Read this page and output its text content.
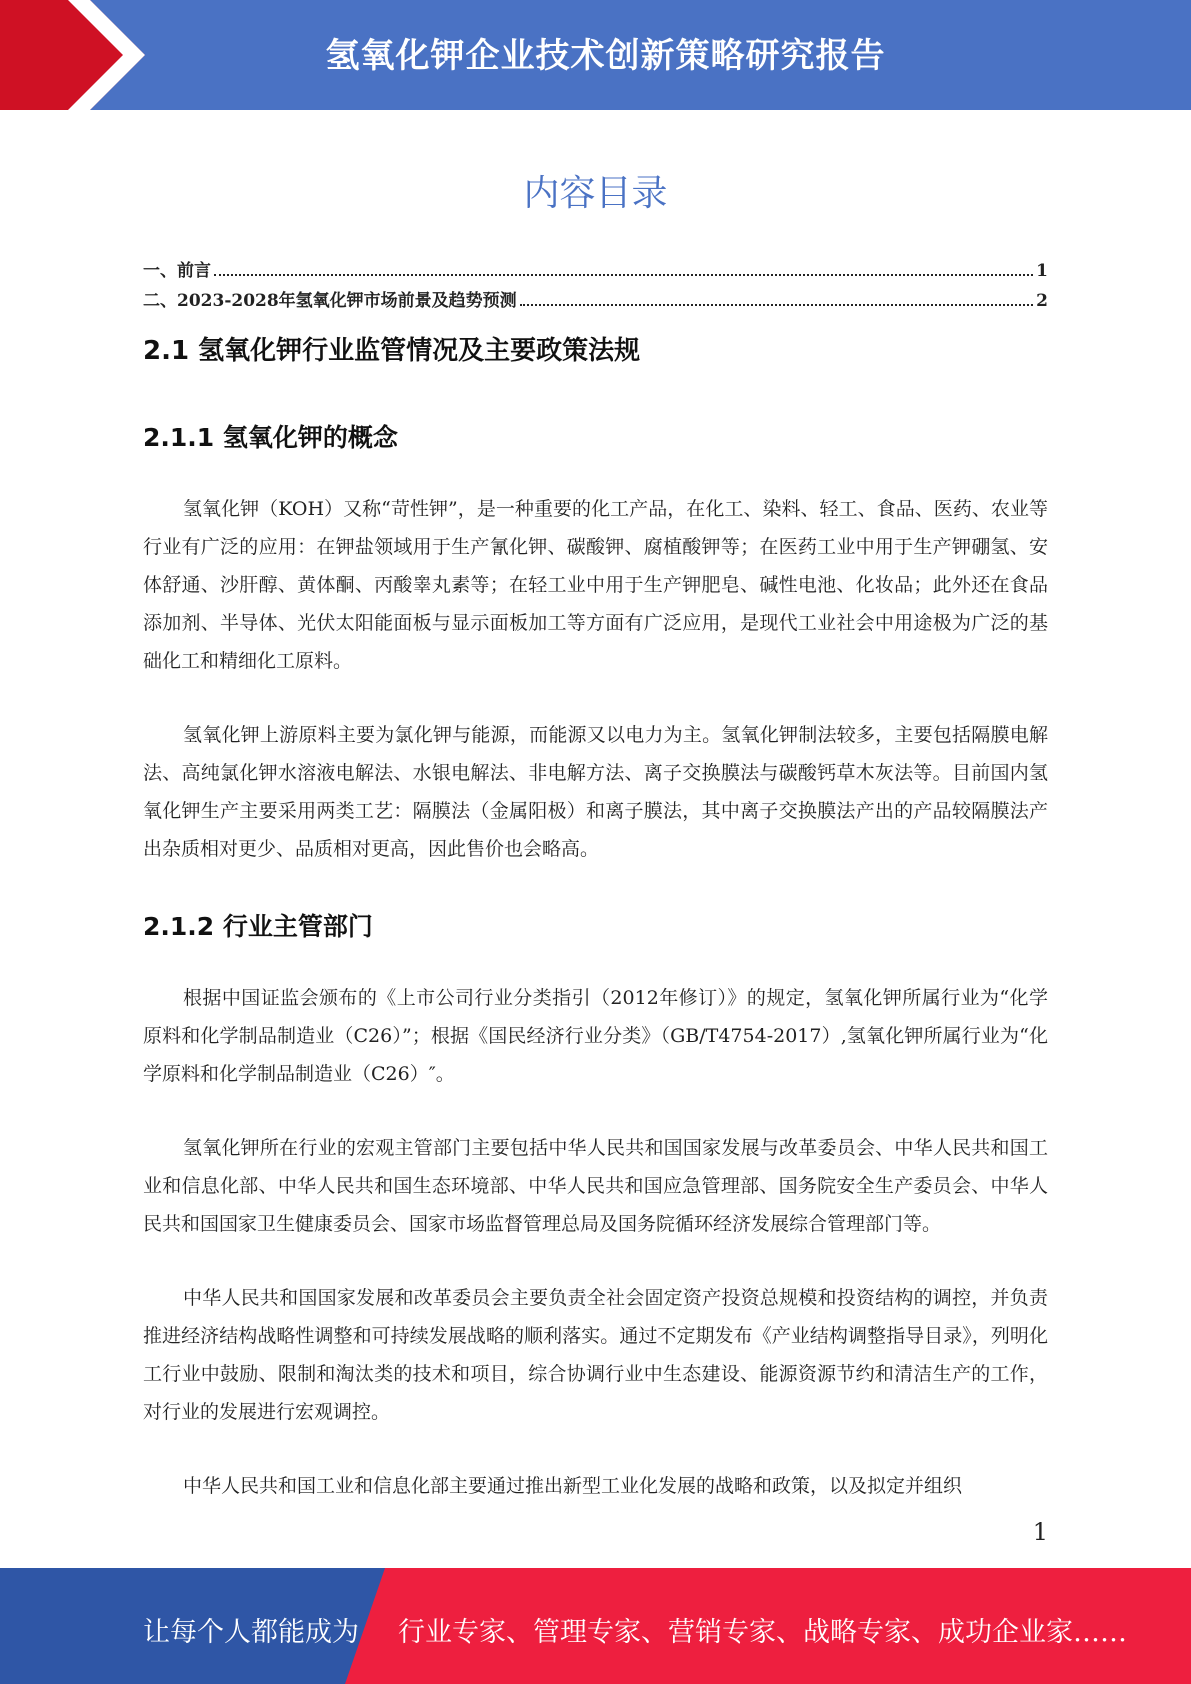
氢氧化钾企业技术创新策略研究报告
内容目录
一、前言	1
二、2023-2028年氢氧化钾市场前景及趋势预测	2
2.1 氢氧化钾行业监管情况及主要政策法规
2.1.1 氢氧化钾的概念

氢氧化钾（KOH）又称“苛性钾”，是一种重要的化工产品，在化工、染料、轻工、食品、医药、农业等行业有广泛的应用：在钾盐领域用于生产氰化钾、碳酸钾、腐植酸钾等；在医药工业中用于生产钾硼氢、安体舒通、沙肝醇、黄体酮、丙酸睾丸素等；在轻工业中用于生产钾肥皂、碱性电池、化妆品；此外还在食品添加剂、半导体、光伏太阳能面板与显示面板加工等方面有广泛应用，是现代工业社会中用途极为广泛的基础化工和精细化工原料。

氢氧化钾上游原料主要为氯化钾与能源，而能源又以电力为主。氢氧化钾制法较多，主要包括隔膜电解法、高纯氯化钾水溶液电解法、水银电解法、非电解方法、离子交换膜法与碳酸钙草木灰法等。目前国内氢氧化钾生产主要采用两类工艺：隔膜法（金属阳极）和离子膜法，其中离子交换膜法产出的产品较隔膜法产出杂质相对更少、品质相对更高，因此售价也会略高。

2.1.2 行业主管部门

根据中国证监会颁布的《上市公司行业分类指引（2012年修订）》的规定，氢氧化钾所属行业为“化学原料和化学制品制造业（C26）”；根据《国民经济行业分类》（GB/T4754-2017）,氢氧化钾所属行业为“化学原料和化学制品制造业（C26）″。

氢氧化钾所在行业的宏观主管部门主要包括中华人民共和国国家发展与改革委员会、中华人民共和国工业和信息化部、中华人民共和国生态环境部、中华人民共和国应急管理部、国务院安全生产委员会、中华人民共和国国家卫生健康委员会、国家市场监督管理总局及国务院循环经济发展综合管理部门等。

中华人民共和国国家发展和改革委员会主要负责全社会固定资产投资总规模和投资结构的调控，并负责推进经济结构战略性调整和可持续发展战略的顺利落实。通过不定期发布《产业结构调整指导目录》，列明化工行业中鼓励、限制和淘汰类的技术和项目，综合协调行业中生态建设、能源资源节约和清洁生产的工作，对行业的发展进行宏观调控。

中华人民共和国工业和信息化部主要通过推出新型工业化发展的战略和政策，以及拟定并组织

1
让每个人都能成为 行业专家、管理专家、营销专家、战略专家、成功企业家……
